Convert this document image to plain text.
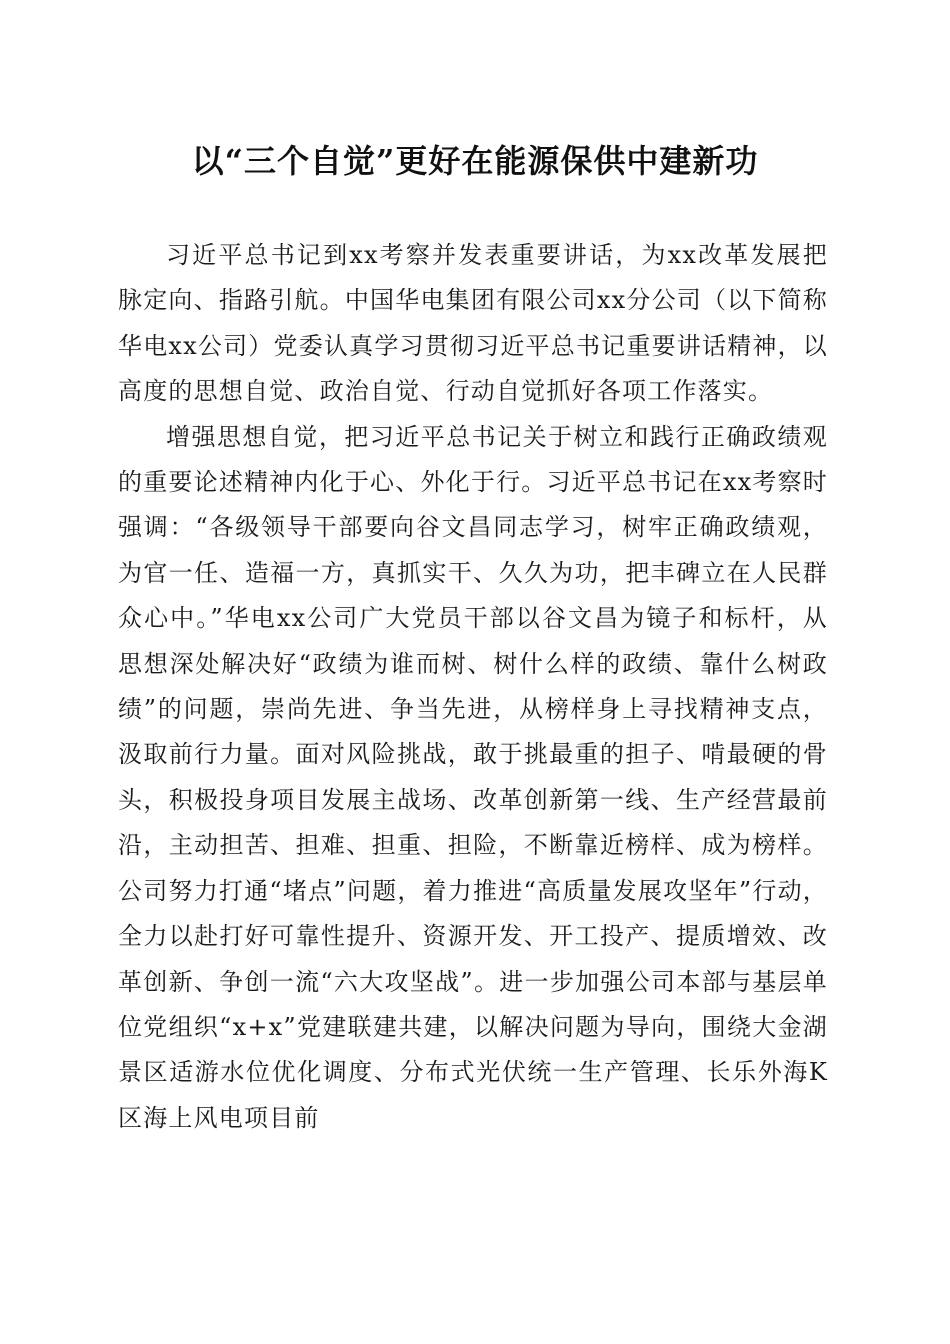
以“三个自觉”更好在能源保供中建新功

习近平总书记到xx考察并发表重要讲话，为xx改革发展把脉定向、指路引航。中国华电集团有限公司xx分公司（以下简称华电xx公司）党委认真学习贯彻习近平总书记重要讲话精神，以高度的思想自觉、政治自觉、行动自觉抓好各项工作落实。

增强思想自觉，把习近平总书记关于树立和践行正确政绩观的重要论述精神内化于心、外化于行。习近平总书记在xx考察时强调：“各级领导干部要向谷文昌同志学习，树牢正确政绩观，为官一任、造福一方，真抓实干、久久为功，把丰碑立在人民群众心中。”华电xx公司广大党员干部以谷文昌为镜子和标杆，从思想深处解决好“政绩为谁而树、树什么样的政绩、靠什么树政绩”的问题，崇尚先进、争当先进，从榜样身上寻找精神支点，汲取前行力量。面对风险挑战，敢于挑最重的担子、啃最硬的骨头，积极投身项目发展主战场、改革创新第一线、生产经营最前沿，主动担苦、担难、担重、担险，不断靠近榜样、成为榜样。公司努力打通“堵点”问题，着力推进“高质量发展攻坚年”行动，全力以赴打好可靠性提升、资源开发、开工投产、提质增效、改革创新、争创一流“六大攻坚战”。进一步加强公司本部与基层单位党组织“x+x”党建联建共建，以解决问题为导向，围绕大金湖景区适游水位优化调度、分布式光伏统一生产管理、长乐外海K区海上风电项目前
